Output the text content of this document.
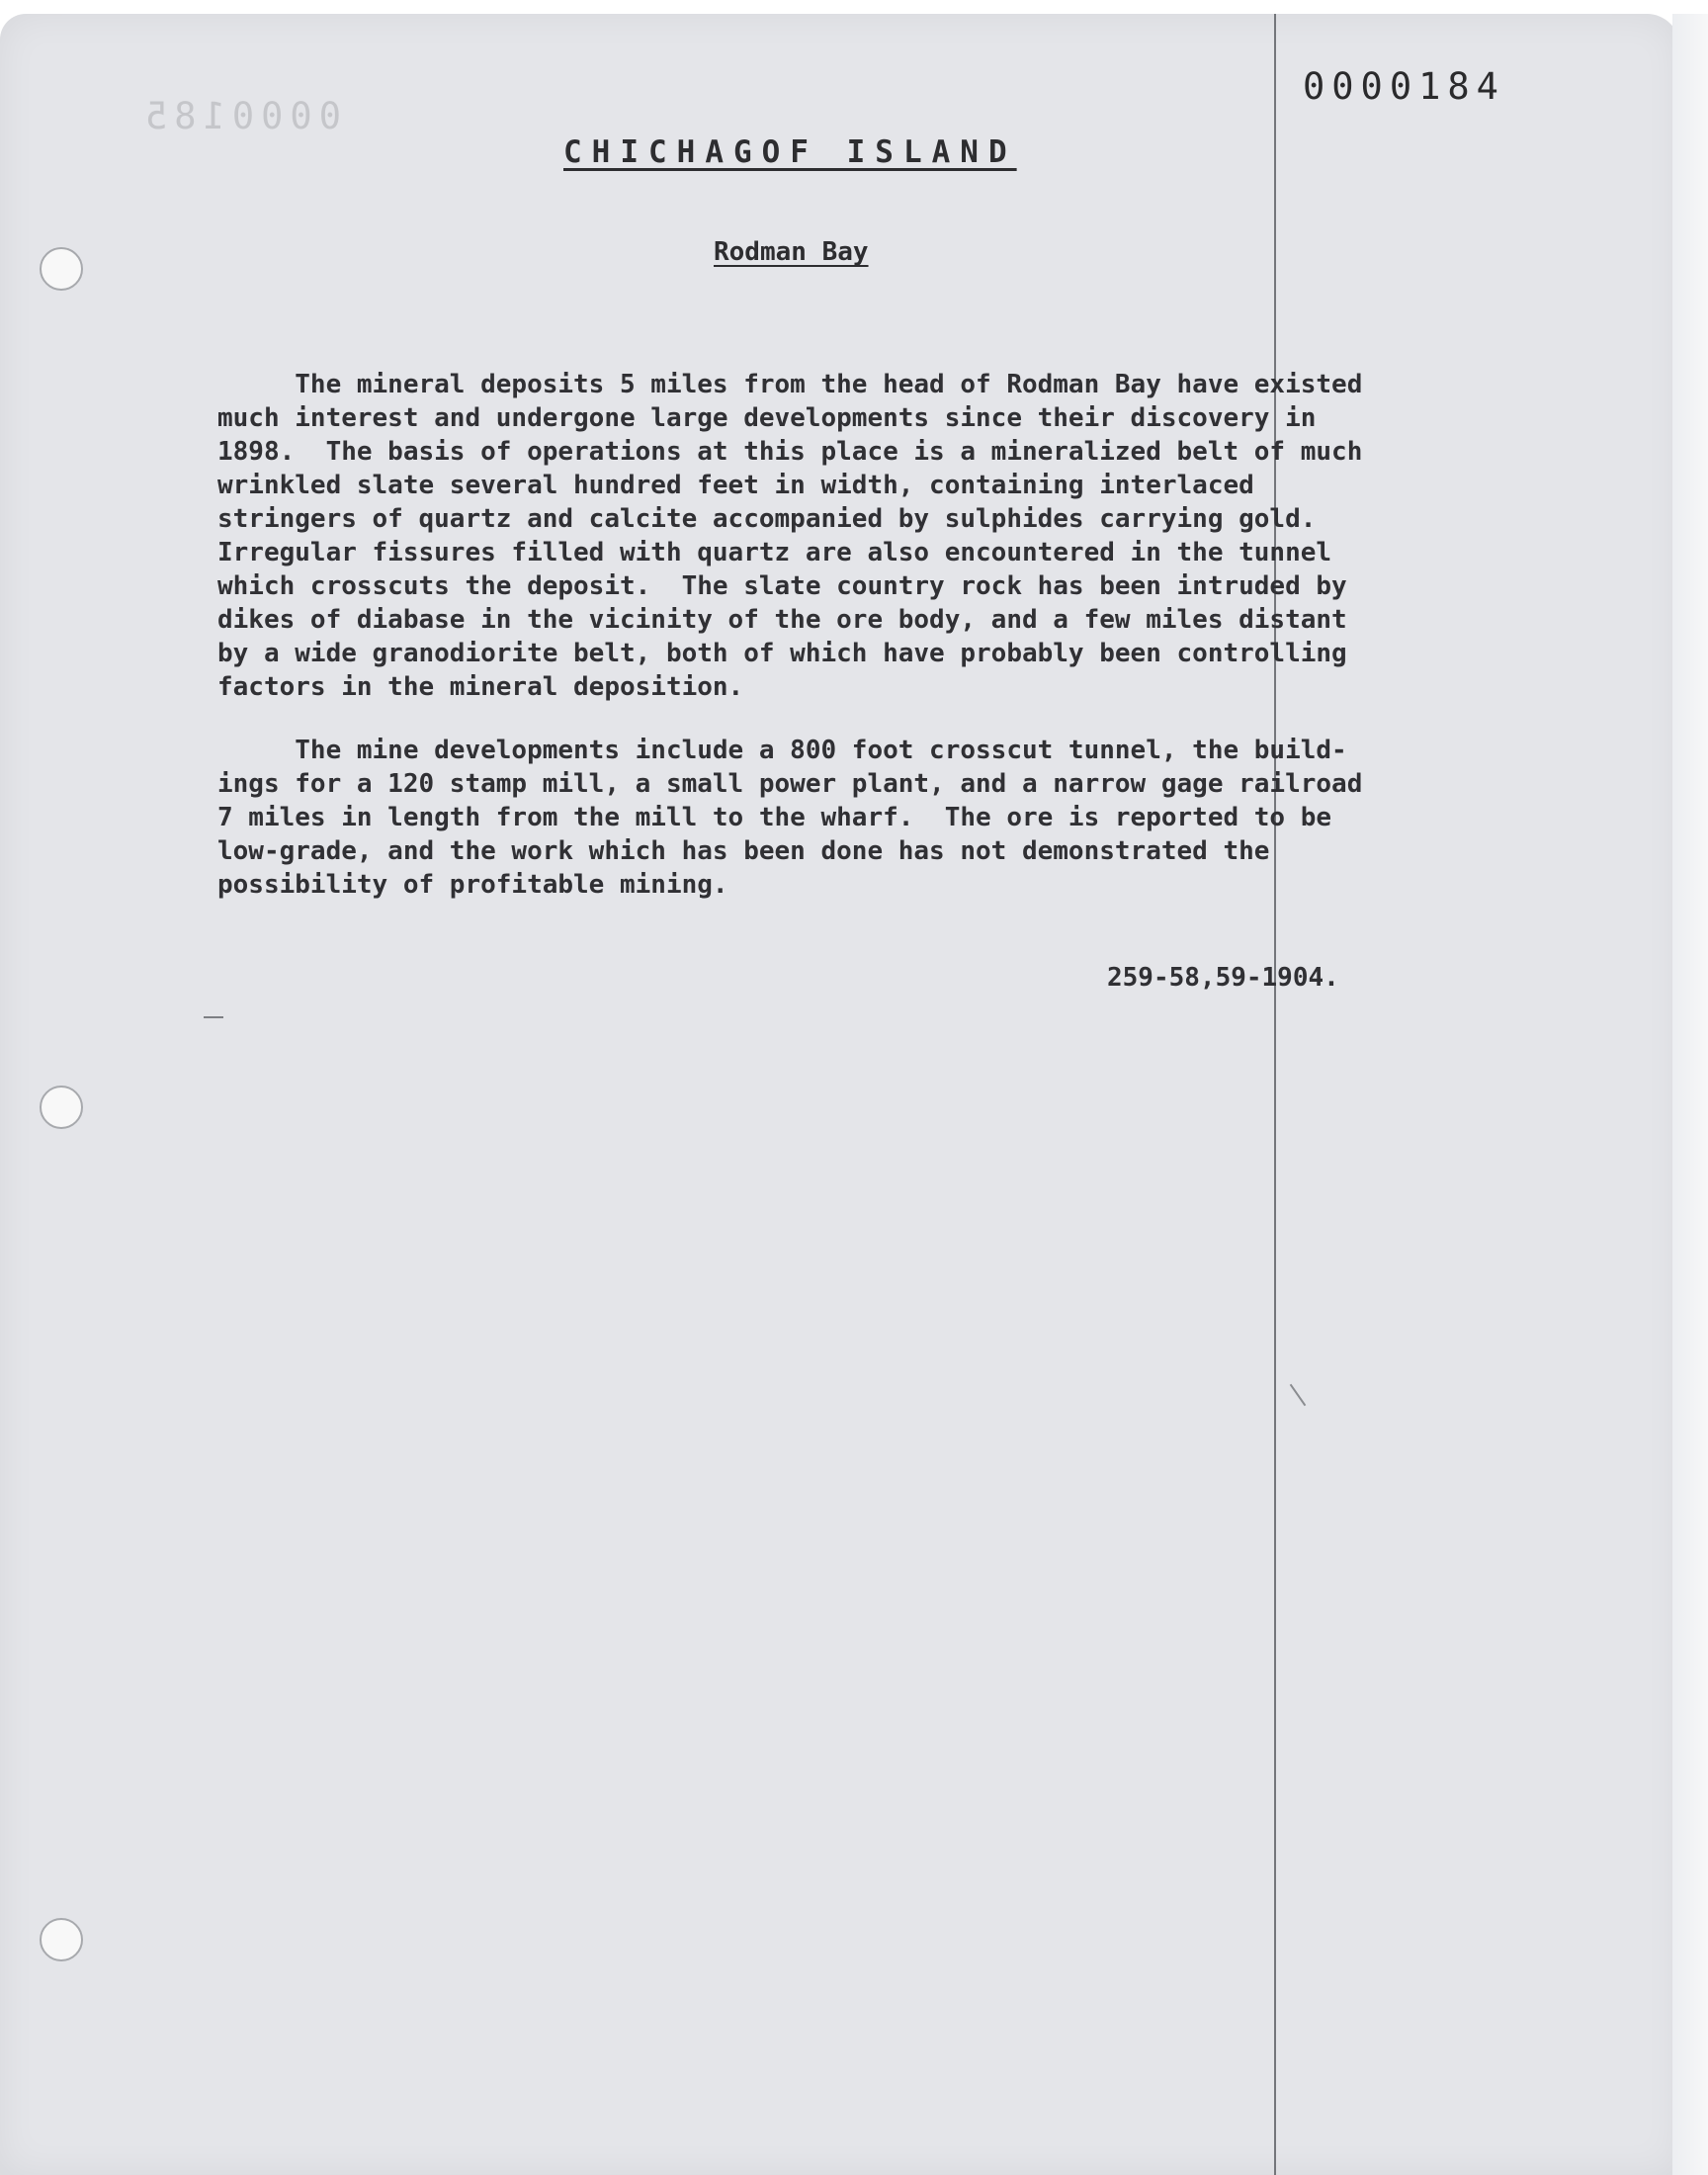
0000185
0000184
CHICHAGOF ISLAND
Rodman Bay
The mineral deposits 5 miles from the head of Rodman Bay have existed
much interest and undergone large developments since their discovery in
1898.  The basis of operations at this place is a mineralized belt of much
wrinkled slate several hundred feet in width, containing interlaced
stringers of quartz and calcite accompanied by sulphides carrying gold.
Irregular fissures filled with quartz are also encountered in the tunnel
which crosscuts the deposit.  The slate country rock has been intruded by
dikes of diabase in the vicinity of the ore body, and a few miles distant
by a wide granodiorite belt, both of which have probably been controlling
factors in the mineral deposition.
The mine developments include a 800 foot crosscut tunnel, the build-
ings for a 120 stamp mill, a small power plant, and a narrow gage railroad
7 miles in length from the mill to the wharf.  The ore is reported to be
low-grade, and the work which has been done has not demonstrated the
possibility of profitable mining.
259-58,59-1904.
